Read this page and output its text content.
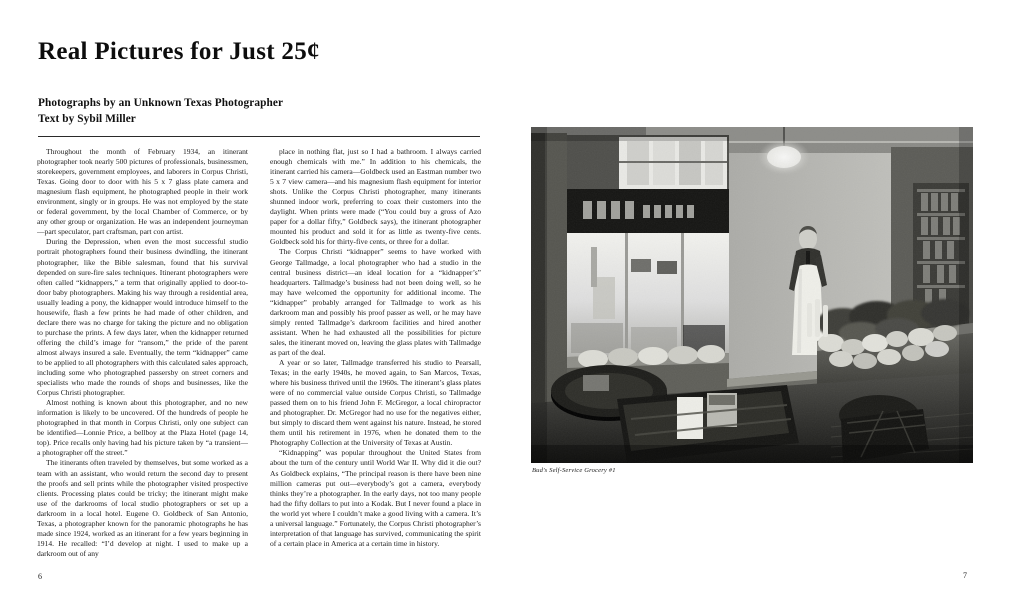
Real Pictures for Just 25¢
Photographs by an Unknown Texas Photographer
Text by Sybil Miller

Throughout the month of February 1934, an itinerant photographer took nearly 500 pictures of professionals, businessmen, storekeepers, government employees, and laborers in Corpus Christi, Texas. Going door to door with his 5 x 7 glass plate camera and magnesium flash equipment, he photographed people in their work environment, singly or in groups. He was not employed by the state or federal government, by the local Chamber of Commerce, or by any other group or organization. He was an independent journeyman—part speculator, part craftsman, part con artist.

During the Depression, when even the most successful studio portrait photographers found their business dwindling, the itinerant photographer, like the Bible salesman, found that his survival depended on sure-fire sales techniques. Itinerant photographers were often called “kidnappers,” a term that originally applied to door-to-door baby photographers. Making his way through a residential area, usually leading a pony, the kidnapper would introduce himself to the housewife, flash a few prints he had made of other children, and declare there was no charge for taking the picture and no obligation to purchase the prints. A few days later, when the kidnapper returned offering the child’s image for “ransom,” the pride of the parent almost always insured a sale. Eventually, the term “kidnapper” came to be applied to all photographers with this calculated sales approach, including some who photographed passersby on street corners and specialists who made the rounds of shops and businesses, like the Corpus Christi photographer.

Almost nothing is known about this photographer, and no new information is likely to be uncovered. Of the hundreds of people he photographed in that month in Corpus Christi, only one subject can be identified—Lonnie Price, a bellboy at the Plaza Hotel (page 14, top). Price recalls only having had his picture taken by “a transient—a photographer off the street.”

The itinerants often traveled by themselves, but some worked as a team with an assistant, who would return the second day to present the proofs and sell prints while the photographer visited prospective clients. Processing plates could be tricky; the itinerant might make use of the darkrooms of local studio photographers or set up a darkroom in a local hotel. Eugene O. Goldbeck of San Antonio, Texas, a photographer known for the panoramic photographs he has made since 1924, worked as an itinerant for a few years beginning in 1914. He recalled: “I’d develop at night. I used to make up a darkroom out of any

place in nothing flat, just so I had a bathroom. I always carried enough chemicals with me.” In addition to his chemicals, the itinerant carried his camera—Goldbeck used an Eastman number two 5 x 7 view camera—and his magnesium flash equipment for interior shots. Unlike the Corpus Christi photographer, many itinerants shunned indoor work, preferring to coax their customers into the daylight. When prints were made (“You could buy a gross of Azo paper for a dollar fifty,” Goldbeck says), the itinerant photographer mounted his product and sold it for as little as twenty-five cents. Goldbeck sold his for thirty-five cents, or three for a dollar.

The Corpus Christi “kidnapper” seems to have worked with George Tallmadge, a local photographer who had a studio in the central business district—an ideal location for a “kidnapper’s” headquarters. Tallmadge’s business had not been doing well, so he may have welcomed the opportunity for additional income. The “kidnapper” probably arranged for Tallmadge to work as his darkroom man and possibly his proof passer as well, or he may have simply rented Tallmadge’s darkroom facilities and hired another assistant. When he had exhausted all the possibilities for picture sales, the itinerant moved on, leaving the glass plates with Tallmadge as part of the deal.

A year or so later, Tallmadge transferred his studio to Pearsall, Texas; in the early 1940s, he moved again, to San Marcos, Texas, where his business thrived until the 1960s. The itinerant’s glass plates were of no commercial value outside Corpus Christi, so Tallmadge passed them on to his friend John F. McGregor, a local chiropractor and photographer. Dr. McGregor had no use for the negatives either, but simply to discard them went against his nature. Instead, he stored them until his retirement in 1976, when he donated them to the Photography Collection at the University of Texas at Austin.

“Kidnapping” was popular throughout the United States from about the turn of the century until World War II. Why did it die out? As Goldbeck explains, “The principal reason is there have been nine million cameras put out—everybody’s got a camera, everybody thinks they’re a photographer. In the early days, not too many people had the fifty dollars to put into a Kodak. But I never found a place in the world yet where I couldn’t make a good living with a camera. It’s a universal language.” Fortunately, the Corpus Christi photographer’s interpretation of that language has survived, communicating the spirit of a certain place in America at a certain time in history.

6
Bud's Self-Service Grocery #1
7
